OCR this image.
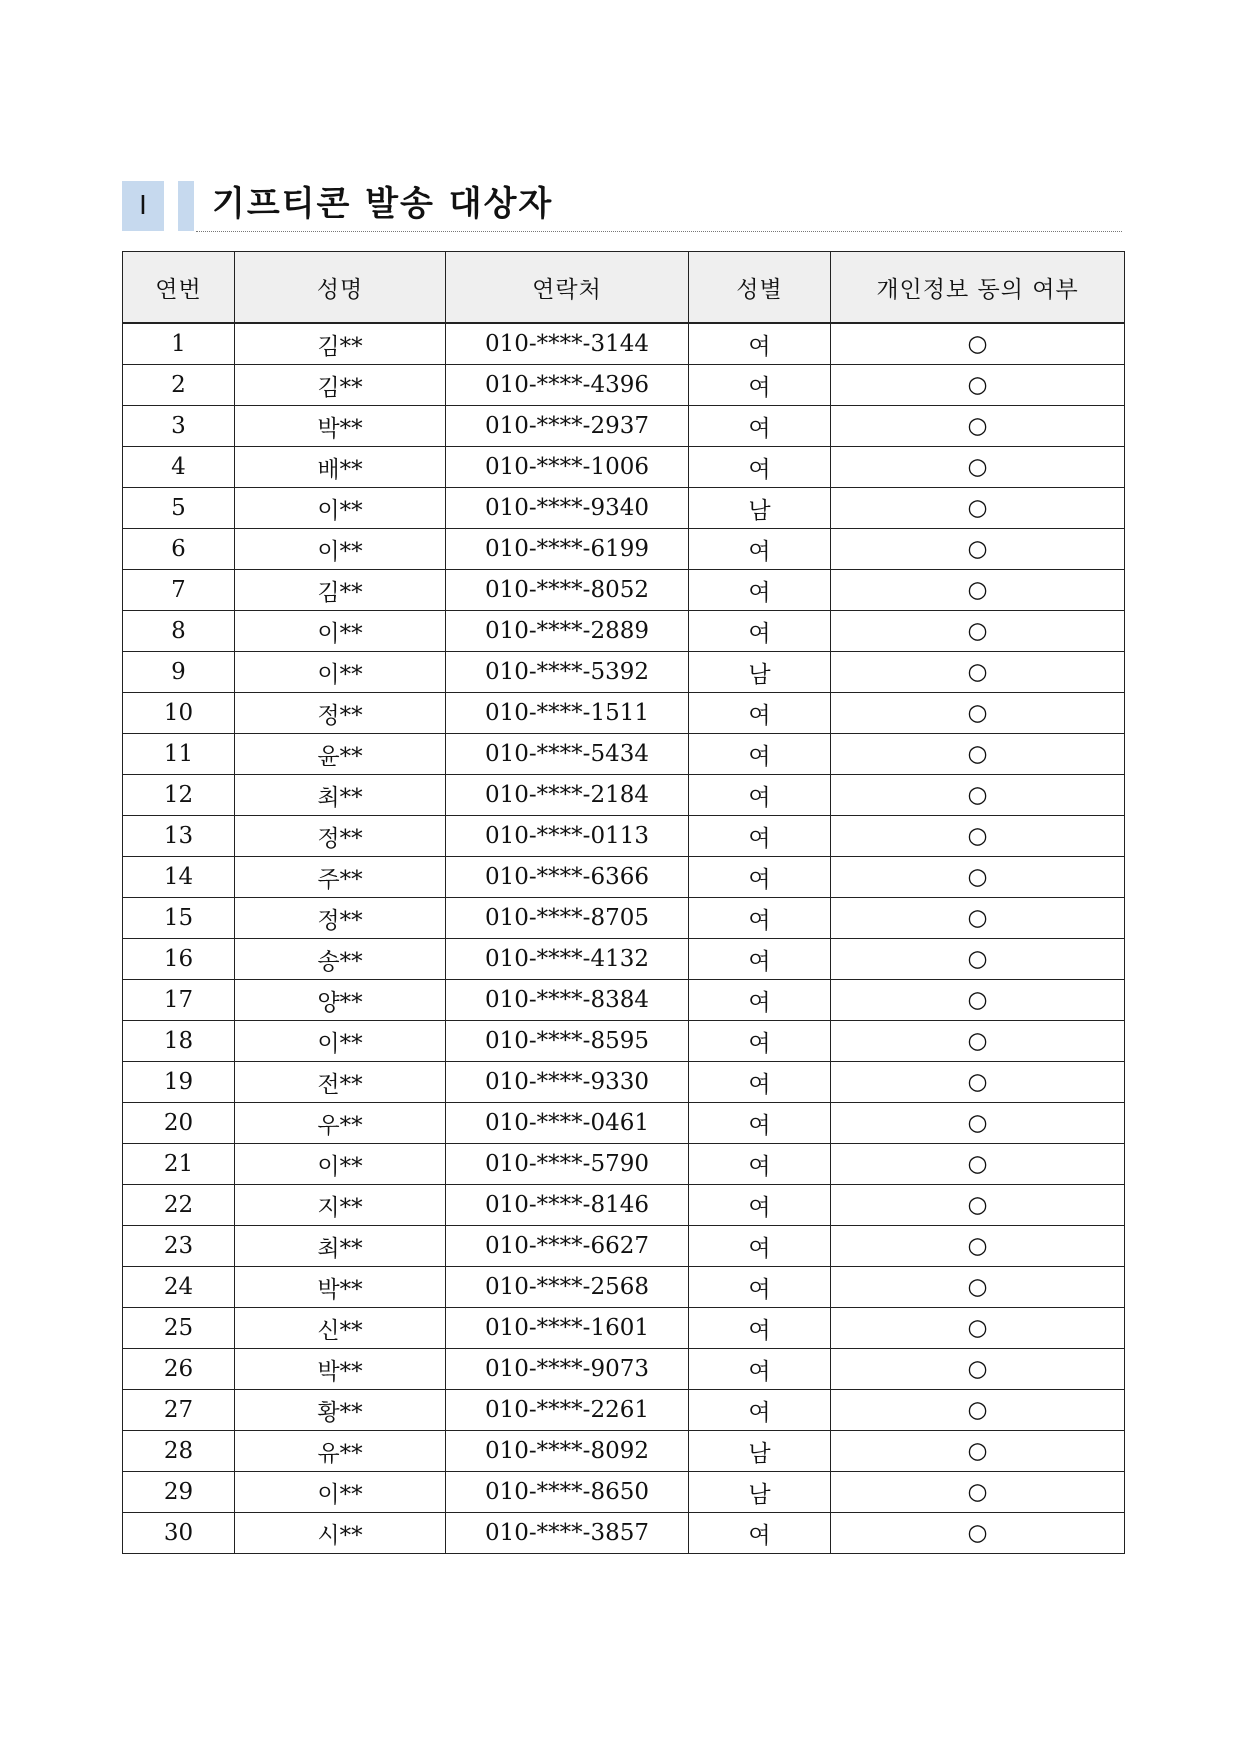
Ⅰ 기프티콘 발송 대상자
연번	성명	연락처	성별	개인정보 동의 여부
1	김**	010-****-3144	여	○
2	김**	010-****-4396	여	○
3	박**	010-****-2937	여	○
4	배**	010-****-1006	여	○
5	이**	010-****-9340	남	○
6	이**	010-****-6199	여	○
7	김**	010-****-8052	여	○
8	이**	010-****-2889	여	○
9	이**	010-****-5392	남	○
10	정**	010-****-1511	여	○
11	윤**	010-****-5434	여	○
12	최**	010-****-2184	여	○
13	정**	010-****-0113	여	○
14	주**	010-****-6366	여	○
15	정**	010-****-8705	여	○
16	송**	010-****-4132	여	○
17	양**	010-****-8384	여	○
18	이**	010-****-8595	여	○
19	전**	010-****-9330	여	○
20	우**	010-****-0461	여	○
21	이**	010-****-5790	여	○
22	지**	010-****-8146	여	○
23	최**	010-****-6627	여	○
24	박**	010-****-2568	여	○
25	신**	010-****-1601	여	○
26	박**	010-****-9073	여	○
27	황**	010-****-2261	여	○
28	유**	010-****-8092	남	○
29	이**	010-****-8650	남	○
30	시**	010-****-3857	여	○
